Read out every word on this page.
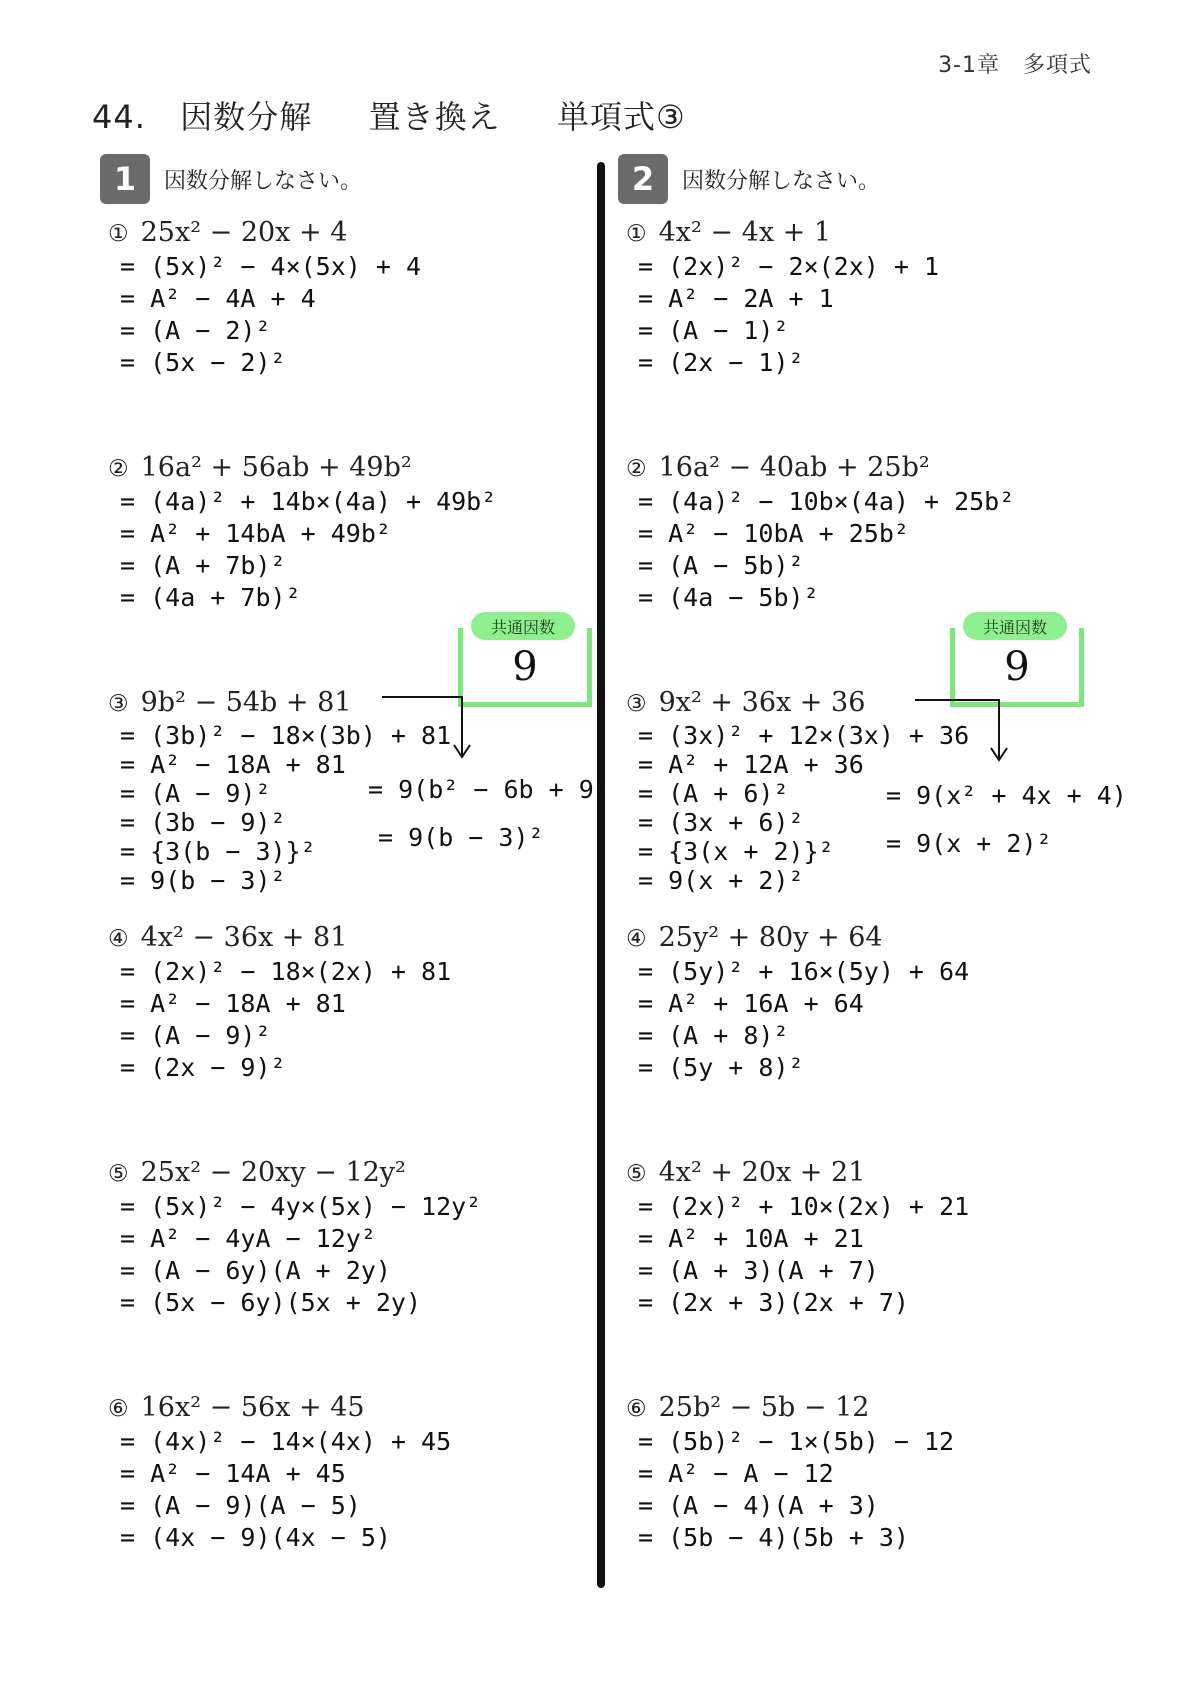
3-1章　多項式
44. 因数分解 置き換え 単項式③
1	因数分解しなさい。
① 25x² − 20x + 4
= (5x)² − 4×(5x) + 4
= A² − 4A + 4
= (A − 2)²
= (5x − 2)²
② 16a² + 56ab + 49b²
= (4a)² + 14b×(4a) + 49b²
= A² + 14bA + 49b²
= (A + 7b)²
= (4a + 7b)²
共通因数
9
③ 9b² − 54b + 81
= (3b)² − 18×(3b) + 81
= A² − 18A + 81
= (A − 9)²
= (3b − 9)²
= {3(b − 3)}²
= 9(b − 3)²
= 9(b² − 6b + 9)
= 9(b − 3)²
④ 4x² − 36x + 81
= (2x)² − 18×(2x) + 81
= A² − 18A + 81
= (A − 9)²
= (2x − 9)²
⑤ 25x² − 20xy − 12y²
= (5x)² − 4y×(5x) − 12y²
= A² − 4yA − 12y²
= (A − 6y)(A + 2y)
= (5x − 6y)(5x + 2y)
⑥ 16x² − 56x + 45
= (4x)² − 14×(4x) + 45
= A² − 14A + 45
= (A − 9)(A − 5)
= (4x − 9)(4x − 5)
2	因数分解しなさい。
① 4x² − 4x + 1
= (2x)² − 2×(2x) + 1
= A² − 2A + 1
= (A − 1)²
= (2x − 1)²
② 16a² − 40ab + 25b²
= (4a)² − 10b×(4a) + 25b²
= A² − 10bA + 25b²
= (A − 5b)²
= (4a − 5b)²
共通因数
9
③ 9x² + 36x + 36
= (3x)² + 12×(3x) + 36
= A² + 12A + 36
= (A + 6)²
= (3x + 6)²
= {3(x + 2)}²
= 9(x + 2)²
= 9(x² + 4x + 4)
= 9(x + 2)²
④ 25y² + 80y + 64
= (5y)² + 16×(5y) + 64
= A² + 16A + 64
= (A + 8)²
= (5y + 8)²
⑤ 4x² + 20x + 21
= (2x)² + 10×(2x) + 21
= A² + 10A + 21
= (A + 3)(A + 7)
= (2x + 3)(2x + 7)
⑥ 25b² − 5b − 12
= (5b)² − 1×(5b) − 12
= A² − A − 12
= (A − 4)(A + 3)
= (5b − 4)(5b + 3)
